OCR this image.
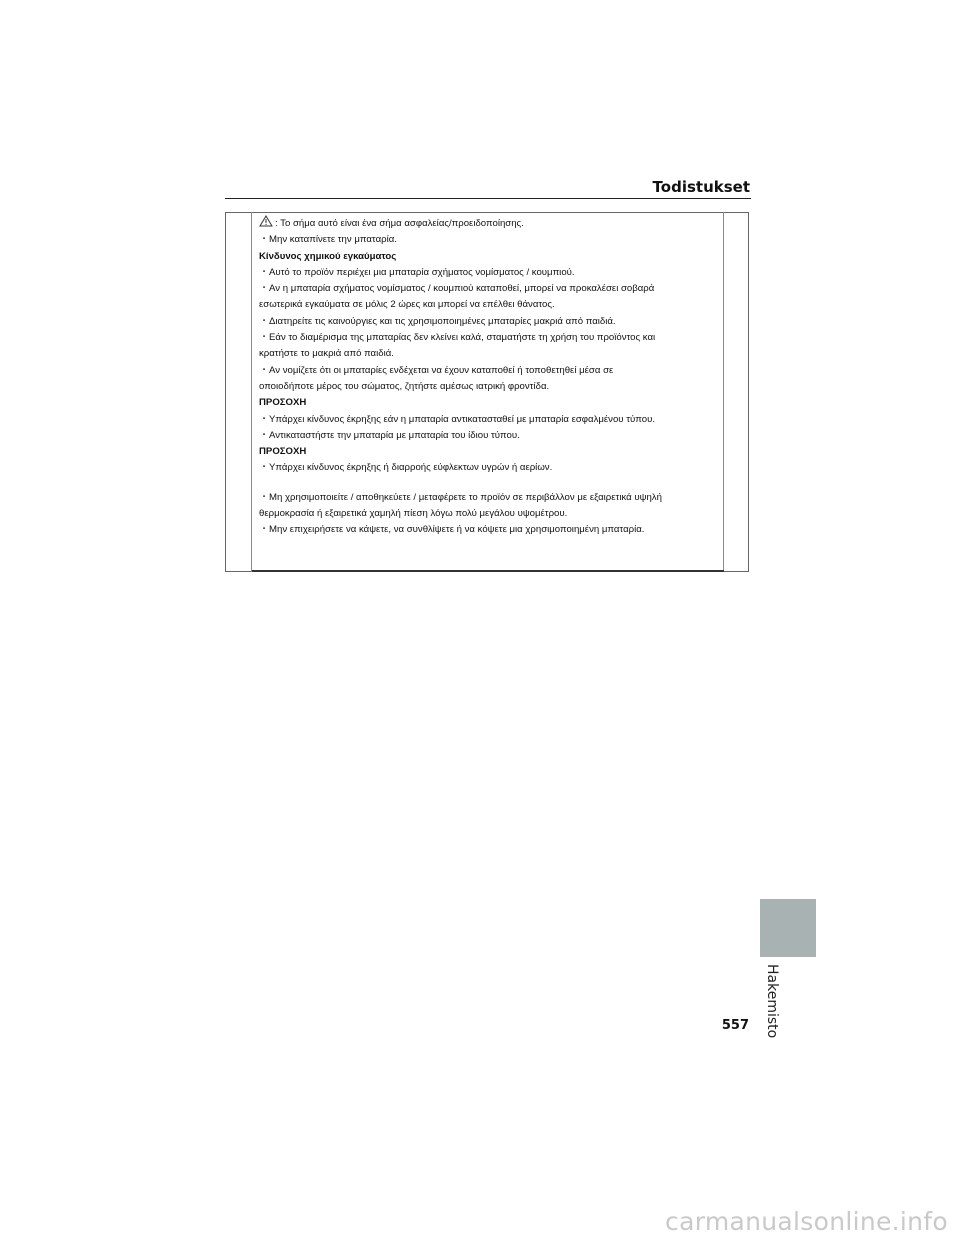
Todistukset

: Το σήμα αυτό είναι ένα σήμα ασφαλείας/προειδοποίησης.

・Μην καταπίνετε την μπαταρία.

Κίνδυνος χημικού εγκαύματος

・Αυτό το προϊόν περιέχει μια μπαταρία σχήματος νομίσματος / κουμπιού.

・Αν η μπαταρία σχήματος νομίσματος / κουμπιού καταποθεί, μπορεί να προκαλέσει σοβαρά

εσωτερικά εγκαύματα σε μόλις 2 ώρες και μπορεί να επέλθει θάνατος.

・Διατηρείτε τις καινούργιες και τις χρησιμοποιημένες μπαταρίες μακριά από παιδιά.

・Εάν το διαμέρισμα της μπαταρίας δεν κλείνει καλά, σταματήστε τη χρήση του προϊόντος και

κρατήστε το μακριά από παιδιά.

・Αν νομίζετε ότι οι μπαταρίες ενδέχεται να έχουν καταποθεί ή τοποθετηθεί μέσα σε

οποιοδήποτε μέρος του σώματος, ζητήστε αμέσως ιατρική φροντίδα.

ΠΡΟΣΟΧΗ

・Υπάρχει κίνδυνος έκρηξης εάν η μπαταρία αντικατασταθεί με μπαταρία εσφαλμένου τύπου.

・Αντικαταστήστε την μπαταρία με μπαταρία του ίδιου τύπου.

ΠΡΟΣΟΧΗ

・Υπάρχει κίνδυνος έκρηξης ή διαρροής εύφλεκτων υγρών ή αερίων.

・Μη χρησιμοποιείτε / αποθηκεύετε / μεταφέρετε το προϊόν σε περιβάλλον με εξαιρετικά υψηλή

θερμοκρασία ή εξαιρετικά χαμηλή πίεση λόγω πολύ μεγάλου υψομέτρου.

・Μην επιχειρήσετε να κάψετε, να συνθλίψετε ή να κόψετε μια χρησιμοποιημένη μπαταρία.

Hakemisto
557
carmanualsonline.info
